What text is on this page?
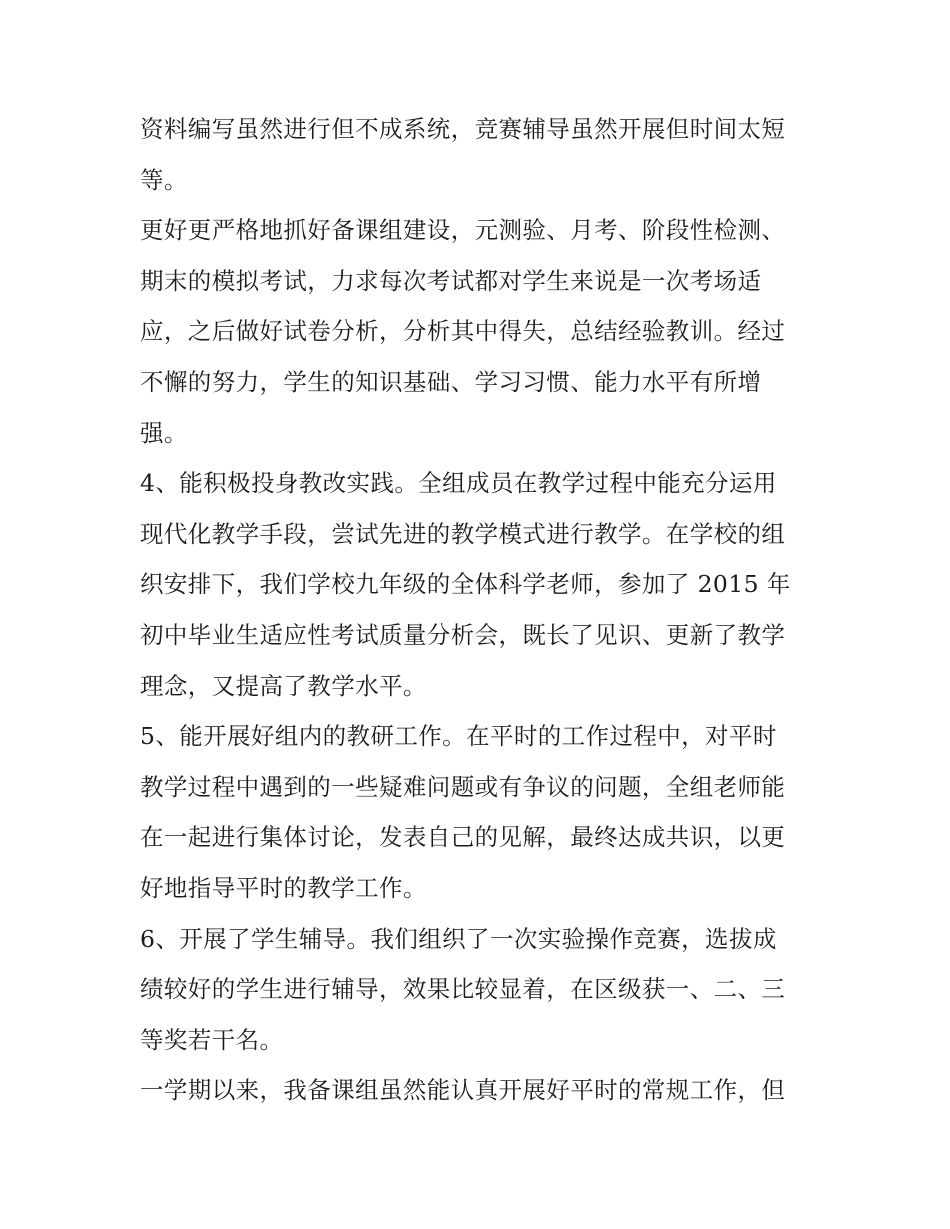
资料编写虽然进行但不成系统，竞赛辅导虽然开展但时间太短
等。

更好更严格地抓好备课组建设，元测验、月考、阶段性检测、
期末的模拟考试，力求每次考试都对学生来说是一次考场适
应，之后做好试卷分析，分析其中得失，总结经验教训。经过
不懈的努力，学生的知识基础、学习习惯、能力水平有所增
强。

4、能积极投身教改实践。全组成员在教学过程中能充分运用
现代化教学手段，尝试先进的教学模式进行教学。在学校的组
织安排下，我们学校九年级的全体科学老师，参加了 2015 年
初中毕业生适应性考试质量分析会，既长了见识、更新了教学
理念，又提高了教学水平。

5、能开展好组内的教研工作。在平时的工作过程中，对平时
教学过程中遇到的一些疑难问题或有争议的问题，全组老师能
在一起进行集体讨论，发表自己的见解，最终达成共识，以更
好地指导平时的教学工作。

6、开展了学生辅导。我们组织了一次实验操作竞赛，选拔成
绩较好的学生进行辅导，效果比较显着，在区级获一、二、三
等奖若干名。

一学期以来，我备课组虽然能认真开展好平时的常规工作，但
